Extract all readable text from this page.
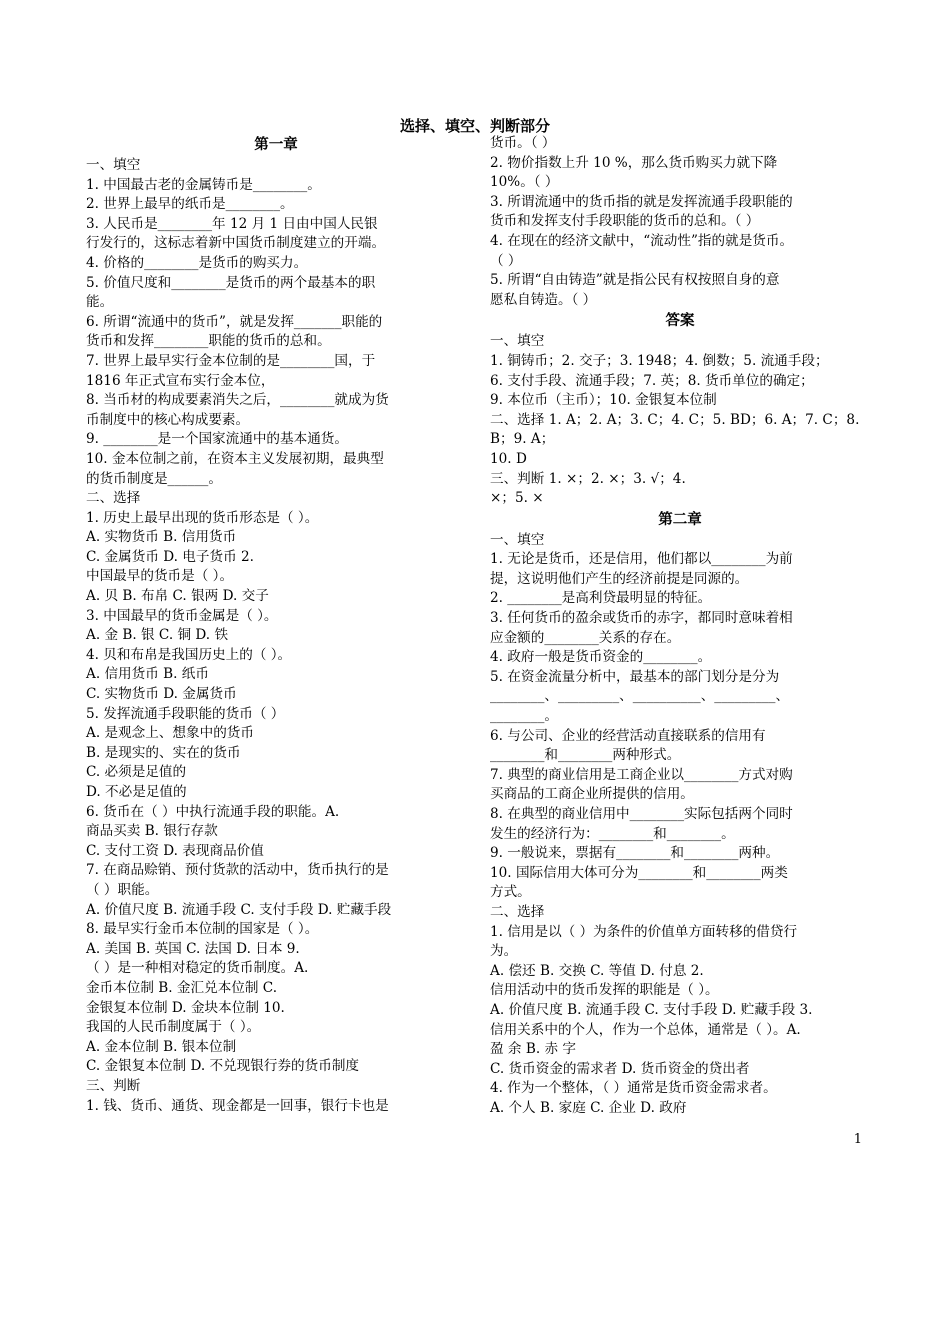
选择、填空、判断部分
第一章
一、填空
1. 中国最古老的金属铸币是________。
2. 世界上最早的纸币是________。
3. 人民币是________年 12 月 1 日由中国人民银
行发行的，这标志着新中国货币制度建立的开端。
4. 价格的________是货币的购买力。
5. 价值尺度和________是货币的两个最基本的职
能。
6. 所谓“流通中的货币”，就是发挥_______职能的
货币和发挥________职能的货币的总和。
7. 世界上最早实行金本位制的是________国，于
1816 年正式宣布实行金本位，
8. 当币材的构成要素消失之后，________就成为货
币制度中的核心构成要素。
9. ________是一个国家流通中的基本通货。
10. 金本位制之前，在资本主义发展初期，最典型
的货币制度是______。
二、选择
1. 历史上最早出现的货币形态是（ ）。
A. 实物货币 B. 信用货币
C. 金属货币 D. 电子货币 2.
中国最早的货币是（ ）。
A. 贝 B. 布帛 C. 银两 D. 交子
3. 中国最早的货币金属是（ ）。
A. 金 B. 银 C. 铜 D. 铁
4. 贝和布帛是我国历史上的（ ）。
A. 信用货币 B. 纸币
C. 实物货币 D. 金属货币
5. 发挥流通手段职能的货币（ ）
A. 是观念上、想象中的货币
B. 是现实的、实在的货币
C. 必须是足值的
D. 不必是足值的
6. 货币在（ ）中执行流通手段的职能。A.
商品买卖 B. 银行存款
C. 支付工资 D. 表现商品价值
7. 在商品赊销、预付货款的活动中，货币执行的是
（ ）职能。
A. 价值尺度 B. 流通手段 C. 支付手段 D. 贮藏手段
8. 最早实行金币本位制的国家是（ ）。
A. 美国 B. 英国 C. 法国 D. 日本 9.
（ ）是一种相对稳定的货币制度。A.
金币本位制 B. 金汇兑本位制 C.
金银复本位制 D. 金块本位制 10.
我国的人民币制度属于（ ）。
A. 金本位制 B. 银本位制
C. 金银复本位制 D. 不兑现银行券的货币制度
三、判断
1. 钱、货币、通货、现金都是一回事，银行卡也是
货币。（ ）
2. 物价指数上升 10 %，那么货币购买力就下降
10%。（ ）
3. 所谓流通中的货币指的就是发挥流通手段职能的
货币和发挥支付手段职能的货币的总和。（ ）
4. 在现在的经济文献中，“流动性”指的就是货币。
（ ）
5. 所谓“自由铸造”就是指公民有权按照自身的意
愿私自铸造。（ ）
答案
一、填空
1. 铜铸币；2. 交子；3. 1948；4. 倒数；5. 流通手段；
6. 支付手段、流通手段；7. 英；8. 货币单位的确定；
9. 本位币（主币）；10. 金银复本位制
二、选择 1. A；2. A；3. C；4. C；5. BD；6. A；7. C；8.
B；9. A；
10. D
三、判断 1. ×；2. ×；3. √；4.
×；5. ×
第二章
一、填空
1. 无论是货币，还是信用，他们都以________为前
提，这说明他们产生的经济前提是同源的。
2. ________是高利贷最明显的特征。
3. 任何货币的盈余或货币的赤字，都同时意味着相
应金额的________关系的存在。
4. 政府一般是货币资金的________。
5. 在资金流量分析中，最基本的部门划分是分为
________、_________、__________、_________、
________。
6. 与公司、企业的经营活动直接联系的信用有
________和________两种形式。
7. 典型的商业信用是工商企业以________方式对购
买商品的工商企业所提供的信用。
8. 在典型的商业信用中________实际包括两个同时
发生的经济行为：________和________。
9. 一般说来，票据有________和________两种。
10. 国际信用大体可分为________和________两类
方式。
二、选择
1. 信用是以（ ）为条件的价值单方面转移的借贷行
为。
A. 偿还 B. 交换 C. 等值 D. 付息 2.
信用活动中的货币发挥的职能是（ ）。
A. 价值尺度 B. 流通手段 C. 支付手段 D. 贮藏手段 3.
信用关系中的个人，作为一个总体，通常是（ ）。A.
盈 余 B. 赤 字
C. 货币资金的需求者 D. 货币资金的贷出者
4. 作为一个整体，（ ）通常是货币资金需求者。
A. 个人 B. 家庭 C. 企业 D. 政府
1
